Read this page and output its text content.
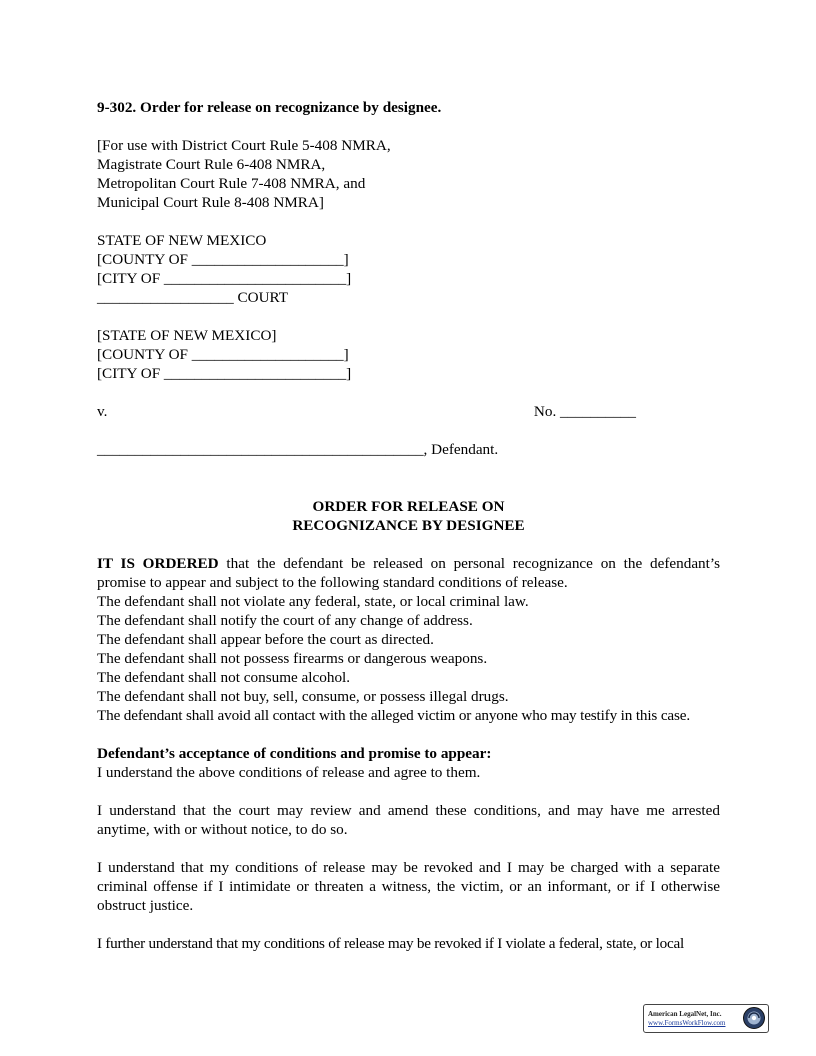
9-302. Order for release on recognizance by designee.

[For use with District Court Rule 5-408 NMRA,
Magistrate Court Rule 6-408 NMRA,
Metropolitan Court Rule 7-408 NMRA, and
Municipal Court Rule 8-408 NMRA]
STATE OF NEW MEXICO
[COUNTY OF ____________________]
[CITY OF ________________________]
__________________ COURT
[STATE OF NEW MEXICO]
[COUNTY OF ____________________]
[CITY OF ________________________]
v.	No. __________
___________________________________________, Defendant.
ORDER FOR RELEASE ON
RECOGNIZANCE BY DESIGNEE

IT IS ORDERED that the defendant be released on personal recognizance on the defendant’s promise to appear and subject to the following standard conditions of release.

The defendant shall not violate any federal, state, or local criminal law.
The defendant shall notify the court of any change of address.
The defendant shall appear before the court as directed.
The defendant shall not possess firearms or dangerous weapons.
The defendant shall not consume alcohol.
The defendant shall not buy, sell, consume, or possess illegal drugs.
The defendant shall avoid all contact with the alleged victim or anyone who may testify in this case.
Defendant’s acceptance of conditions and promise to appear:

I understand the above conditions of release and agree to them.

I understand that the court may review and amend these conditions, and may have me arrested anytime, with or without notice, to do so.

I understand that my conditions of release may be revoked and I may be charged with a separate criminal offense if I intimidate or threaten a witness, the victim, or an informant, or if I otherwise obstruct justice.

I further understand that my conditions of release may be revoked if I violate a federal, state, or local

American LegalNet, Inc.
www.FormsWorkFlow.com
